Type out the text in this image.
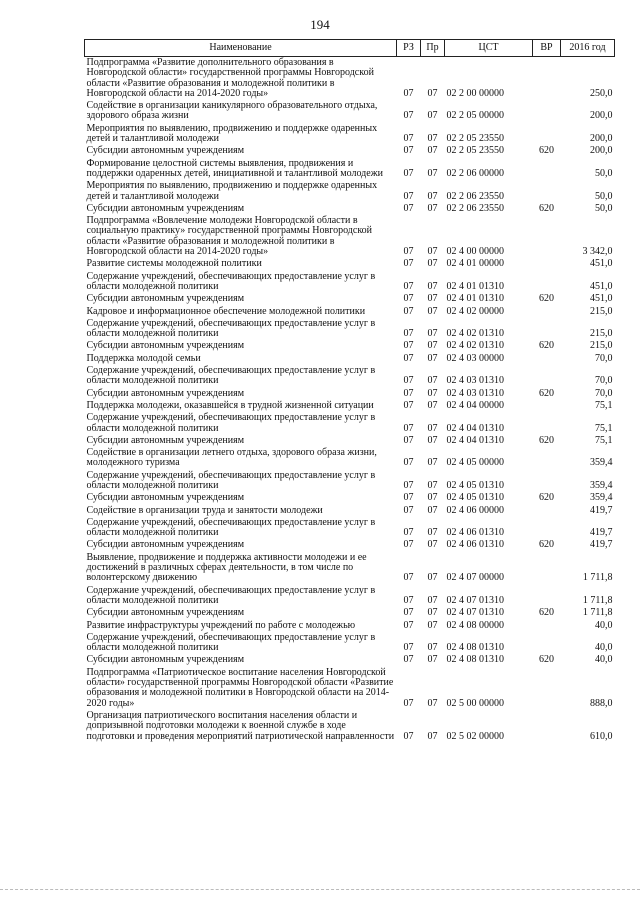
194
Наименование	РЗ	Пр	ЦСТ	ВР	2016 год
Подпрограмма «Развитие дополнительного образования в Новгородской области» государственной программы Новгородской области «Развитие образования и молодежной политики в Новгородской области на 2014-2020 годы»	07	07	02 2 00 00000		250,0
Содействие в организации каникулярного образовательного отдыха, здорового образа жизни	07	07	02 2 05 00000		200,0
Мероприятия по выявлению, продвижению и поддержке одаренных детей и талантливой молодежи	07	07	02 2 05 23550		200,0
Субсидии автономным учреждениям	07	07	02 2 05 23550	620	200,0
Формирование целостной системы выявления, продвижения и поддержки одаренных детей, инициативной и талантливой молодежи	07	07	02 2 06 00000		50,0
Мероприятия по выявлению, продвижению и поддержке одаренных детей и талантливой молодежи	07	07	02 2 06 23550		50,0
Субсидии автономным учреждениям	07	07	02 2 06 23550	620	50,0
Подпрограмма «Вовлечение молодежи Новгородской области в социальную практику» государственной программы Новгородской области «Развитие образования и молодежной политики в Новгородской области на 2014-2020 годы»	07	07	02 4 00 00000		3 342,0
Развитие системы молодежной политики	07	07	02 4 01 00000		451,0
Содержание учреждений, обеспечивающих предоставление услуг в области молодежной политики	07	07	02 4 01 01310		451,0
Субсидии автономным учреждениям	07	07	02 4 01 01310	620	451,0
Кадровое и информационное обеспечение молодежной политики	07	07	02 4 02 00000		215,0
Содержание учреждений, обеспечивающих предоставление услуг в области молодежной политики	07	07	02 4 02 01310		215,0
Субсидии автономным учреждениям	07	07	02 4 02 01310	620	215,0
Поддержка молодой семьи	07	07	02 4 03 00000		70,0
Содержание учреждений, обеспечивающих предоставление услуг в области молодежной политики	07	07	02 4 03 01310		70,0
Субсидии автономным учреждениям	07	07	02 4 03 01310	620	70,0
Поддержка молодежи, оказавшейся в трудной жизненной ситуации	07	07	02 4 04 00000		75,1
Содержание учреждений, обеспечивающих предоставление услуг в области молодежной политики	07	07	02 4 04 01310		75,1
Субсидии автономным учреждениям	07	07	02 4 04 01310	620	75,1
Содействие в организации летнего отдыха, здорового образа жизни, молодежного туризма	07	07	02 4 05 00000		359,4
Содержание учреждений, обеспечивающих предоставление услуг в области молодежной политики	07	07	02 4 05 01310		359,4
Субсидии автономным учреждениям	07	07	02 4 05 01310	620	359,4
Содействие в организации труда и занятости молодежи	07	07	02 4 06 00000		419,7
Содержание учреждений, обеспечивающих предоставление услуг в области молодежной политики	07	07	02 4 06 01310		419,7
Субсидии автономным учреждениям	07	07	02 4 06 01310	620	419,7
Выявление, продвижение и поддержка активности молодежи и ее достижений в различных сферах деятельности, в том числе по волонтерскому движению	07	07	02 4 07 00000		1 711,8
Содержание учреждений, обеспечивающих предоставление услуг в области молодежной политики	07	07	02 4 07 01310		1 711,8
Субсидии автономным учреждениям	07	07	02 4 07 01310	620	1 711,8
Развитие инфраструктуры учреждений по работе с молодежью	07	07	02 4 08 00000		40,0
Содержание учреждений, обеспечивающих предоставление услуг в области молодежной политики	07	07	02 4 08 01310		40,0
Субсидии автономным учреждениям	07	07	02 4 08 01310	620	40,0
Подпрограмма «Патриотическое воспитание населения Новгородской области» государственной программы Новгородской области «Развитие образования и молодежной политики в Новгородской области на 2014-2020 годы»	07	07	02 5 00 00000		888,0
Организация патриотического воспитания населения области и допризывной подготовки молодежи к военной службе в ходе подготовки и проведения мероприятий патриотической направленности	07	07	02 5 02 00000		610,0
